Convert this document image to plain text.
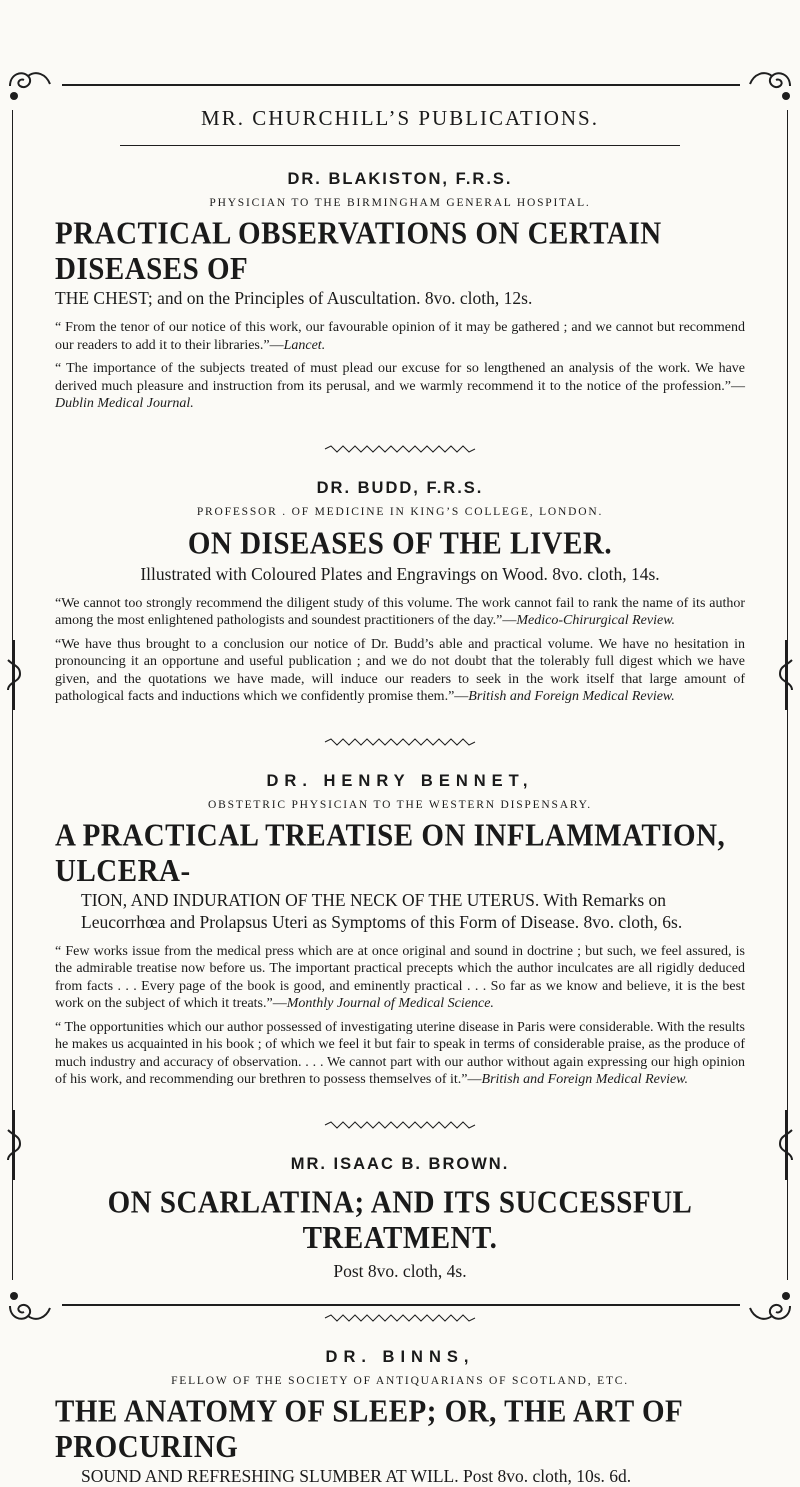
MR. CHURCHILL’S PUBLICATIONS.

DR. BLAKISTON, F.R.S.

PHYSICIAN TO THE BIRMINGHAM GENERAL HOSPITAL.

PRACTICAL OBSERVATIONS ON CERTAIN DISEASES OF

THE CHEST; and on the Principles of Auscultation. 8vo. cloth, 12s.

“ From the tenor of our notice of this work, our favourable opinion of it may be gathered ; and we cannot but recommend our readers to add it to their libraries.”—Lancet.

“ The importance of the subjects treated of must plead our excuse for so lengthened an analysis of the work. We have derived much pleasure and instruction from its perusal, and we warmly recommend it to the notice of the profession.”—Dublin Medical Journal.

DR. BUDD, F.R.S.

PROFESSOR . OF MEDICINE IN KING’S COLLEGE, LONDON.

ON DISEASES OF THE LIVER.

Illustrated with Coloured Plates and Engravings on Wood. 8vo. cloth, 14s.

“We cannot too strongly recommend the diligent study of this volume. The work cannot fail to rank the name of its author among the most enlightened pathologists and soundest practitioners of the day.”—Medico-Chirurgical Review.

“We have thus brought to a conclusion our notice of Dr. Budd’s able and practical volume. We have no hesitation in pronouncing it an opportune and useful publication ; and we do not doubt that the tolerably full digest which we have given, and the quotations we have made, will induce our readers to seek in the work itself that large amount of pathological facts and inductions which we confidently promise them.”—British and Foreign Medical Review.

DR. HENRY BENNET,

OBSTETRIC PHYSICIAN TO THE WESTERN DISPENSARY.

A PRACTICAL TREATISE ON INFLAMMATION, ULCERA-

TION, AND INDURATION OF THE NECK OF THE UTERUS. With Remarks on Leucorrhœa and Prolapsus Uteri as Symptoms of this Form of Disease. 8vo. cloth, 6s.

“ Few works issue from the medical press which are at once original and sound in doctrine ; but such, we feel assured, is the admirable treatise now before us. The important practical precepts which the author inculcates are all rigidly deduced from facts . . . Every page of the book is good, and eminently practical . . . So far as we know and believe, it is the best work on the subject of which it treats.”—Monthly Journal of Medical Science.

“ The opportunities which our author possessed of investigating uterine disease in Paris were considerable. With the results he makes us acquainted in his book ; of which we feel it but fair to speak in terms of considerable praise, as the produce of much industry and accuracy of observation. . . . We cannot part with our author without again expressing our high opinion of his work, and recommending our brethren to possess themselves of it.”—British and Foreign Medical Review.

MR. ISAAC B. BROWN.

ON SCARLATINA; AND ITS SUCCESSFUL TREATMENT.

Post 8vo. cloth, 4s.

DR. BINNS,

FELLOW OF THE SOCIETY OF ANTIQUARIANS OF SCOTLAND, ETC.

THE ANATOMY OF SLEEP; OR, THE ART OF PROCURING

SOUND AND REFRESHING SLUMBER AT WILL. Post 8vo. cloth, 10s. 6d.
